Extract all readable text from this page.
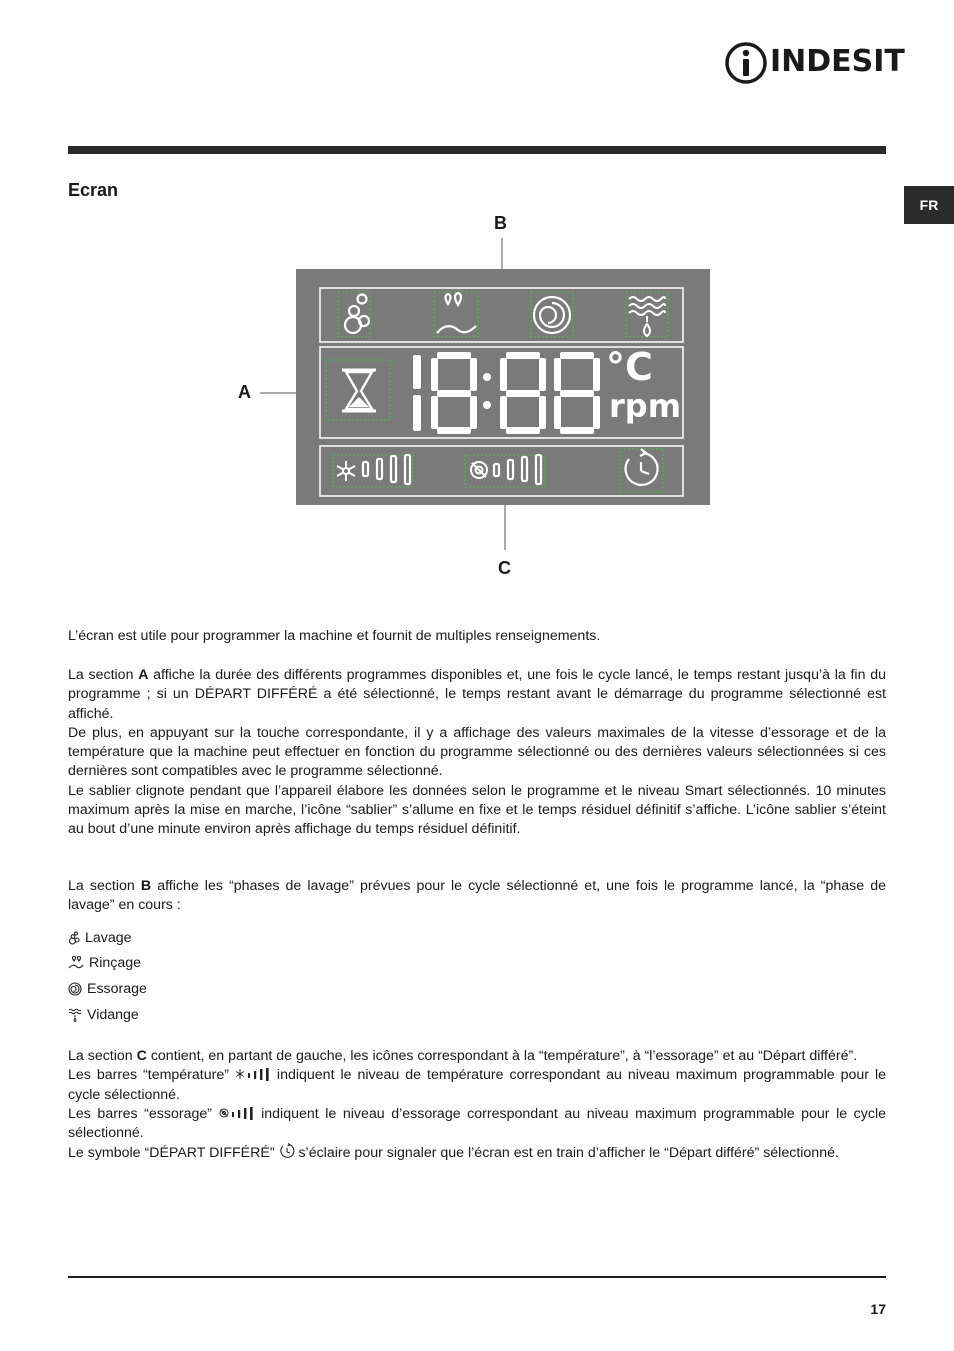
INDESIT
FR
Ecran
B
A
C
°C
rpm

L’écran est utile pour programmer la machine et fournit de multiples renseignements.

La section A affiche la durée des différents programmes disponibles et, une fois le cycle lancé, le temps restant jusqu’à la fin du programme ; si un DÉPART DIFFÉRÉ a été sélectionné, le temps restant avant le démarrage du programme sélectionné est affiché.

De plus, en appuyant sur la touche correspondante, il y a affichage des valeurs maximales de la vitesse d’essorage et de la température que la machine peut effectuer en fonction du programme sélectionné ou des dernières valeurs sélectionnées si ces dernières sont compatibles avec le programme sélectionné.

Le sablier clignote pendant que l’appareil élabore les données selon le programme et le niveau Smart sélectionnés. 10 minutes maximum après la mise en marche, l’icône “sablier” s’allume en fixe et le temps résiduel définitif s’affiche. L’icône sablier s’éteint au bout d’une minute environ après affichage du temps résiduel définitif.

La section B affiche les “phases de lavage” prévues pour le cycle sélectionné et, une fois le programme lancé, la “phase de lavage” en cours :

Lavage
Rinçage
Essorage
Vidange

La section C contient, en partant de gauche, les icônes correspondant à la “température”, à “l’essorage” et au “Départ différé”.

Les barres “température”	indiquent le niveau de température correspondant au niveau maximum programmable pour le cycle sélectionné.

Les barres “essorage”	indiquent le niveau d’essorage correspondant au niveau maximum programmable pour le cycle sélectionné.

Le symbole “DÉPART DIFFÉRÉ”  s’éclaire pour signaler que l’écran est en train d’afficher le “Départ différé” sélectionné.

17
